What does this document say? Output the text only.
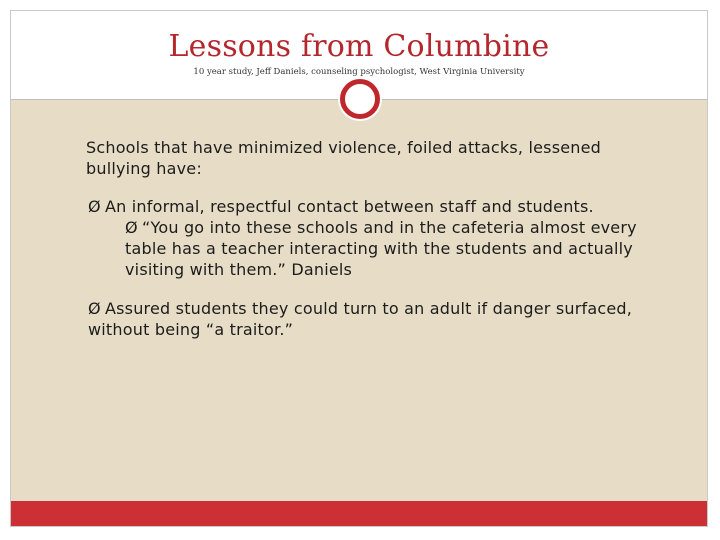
Lessons from Columbine
10 year study, Jeff Daniels, counseling psychologist, West Virginia University

Schools that have minimized violence, foiled attacks, lessened bullying have:

Ø An informal, respectful contact between staff and students.

Ø “You go into these schools and in the cafeteria almost every table has a teacher interacting with the students and actually visiting with them.” Daniels

Ø Assured students they could turn to an adult if danger surfaced, without being “a traitor.”
